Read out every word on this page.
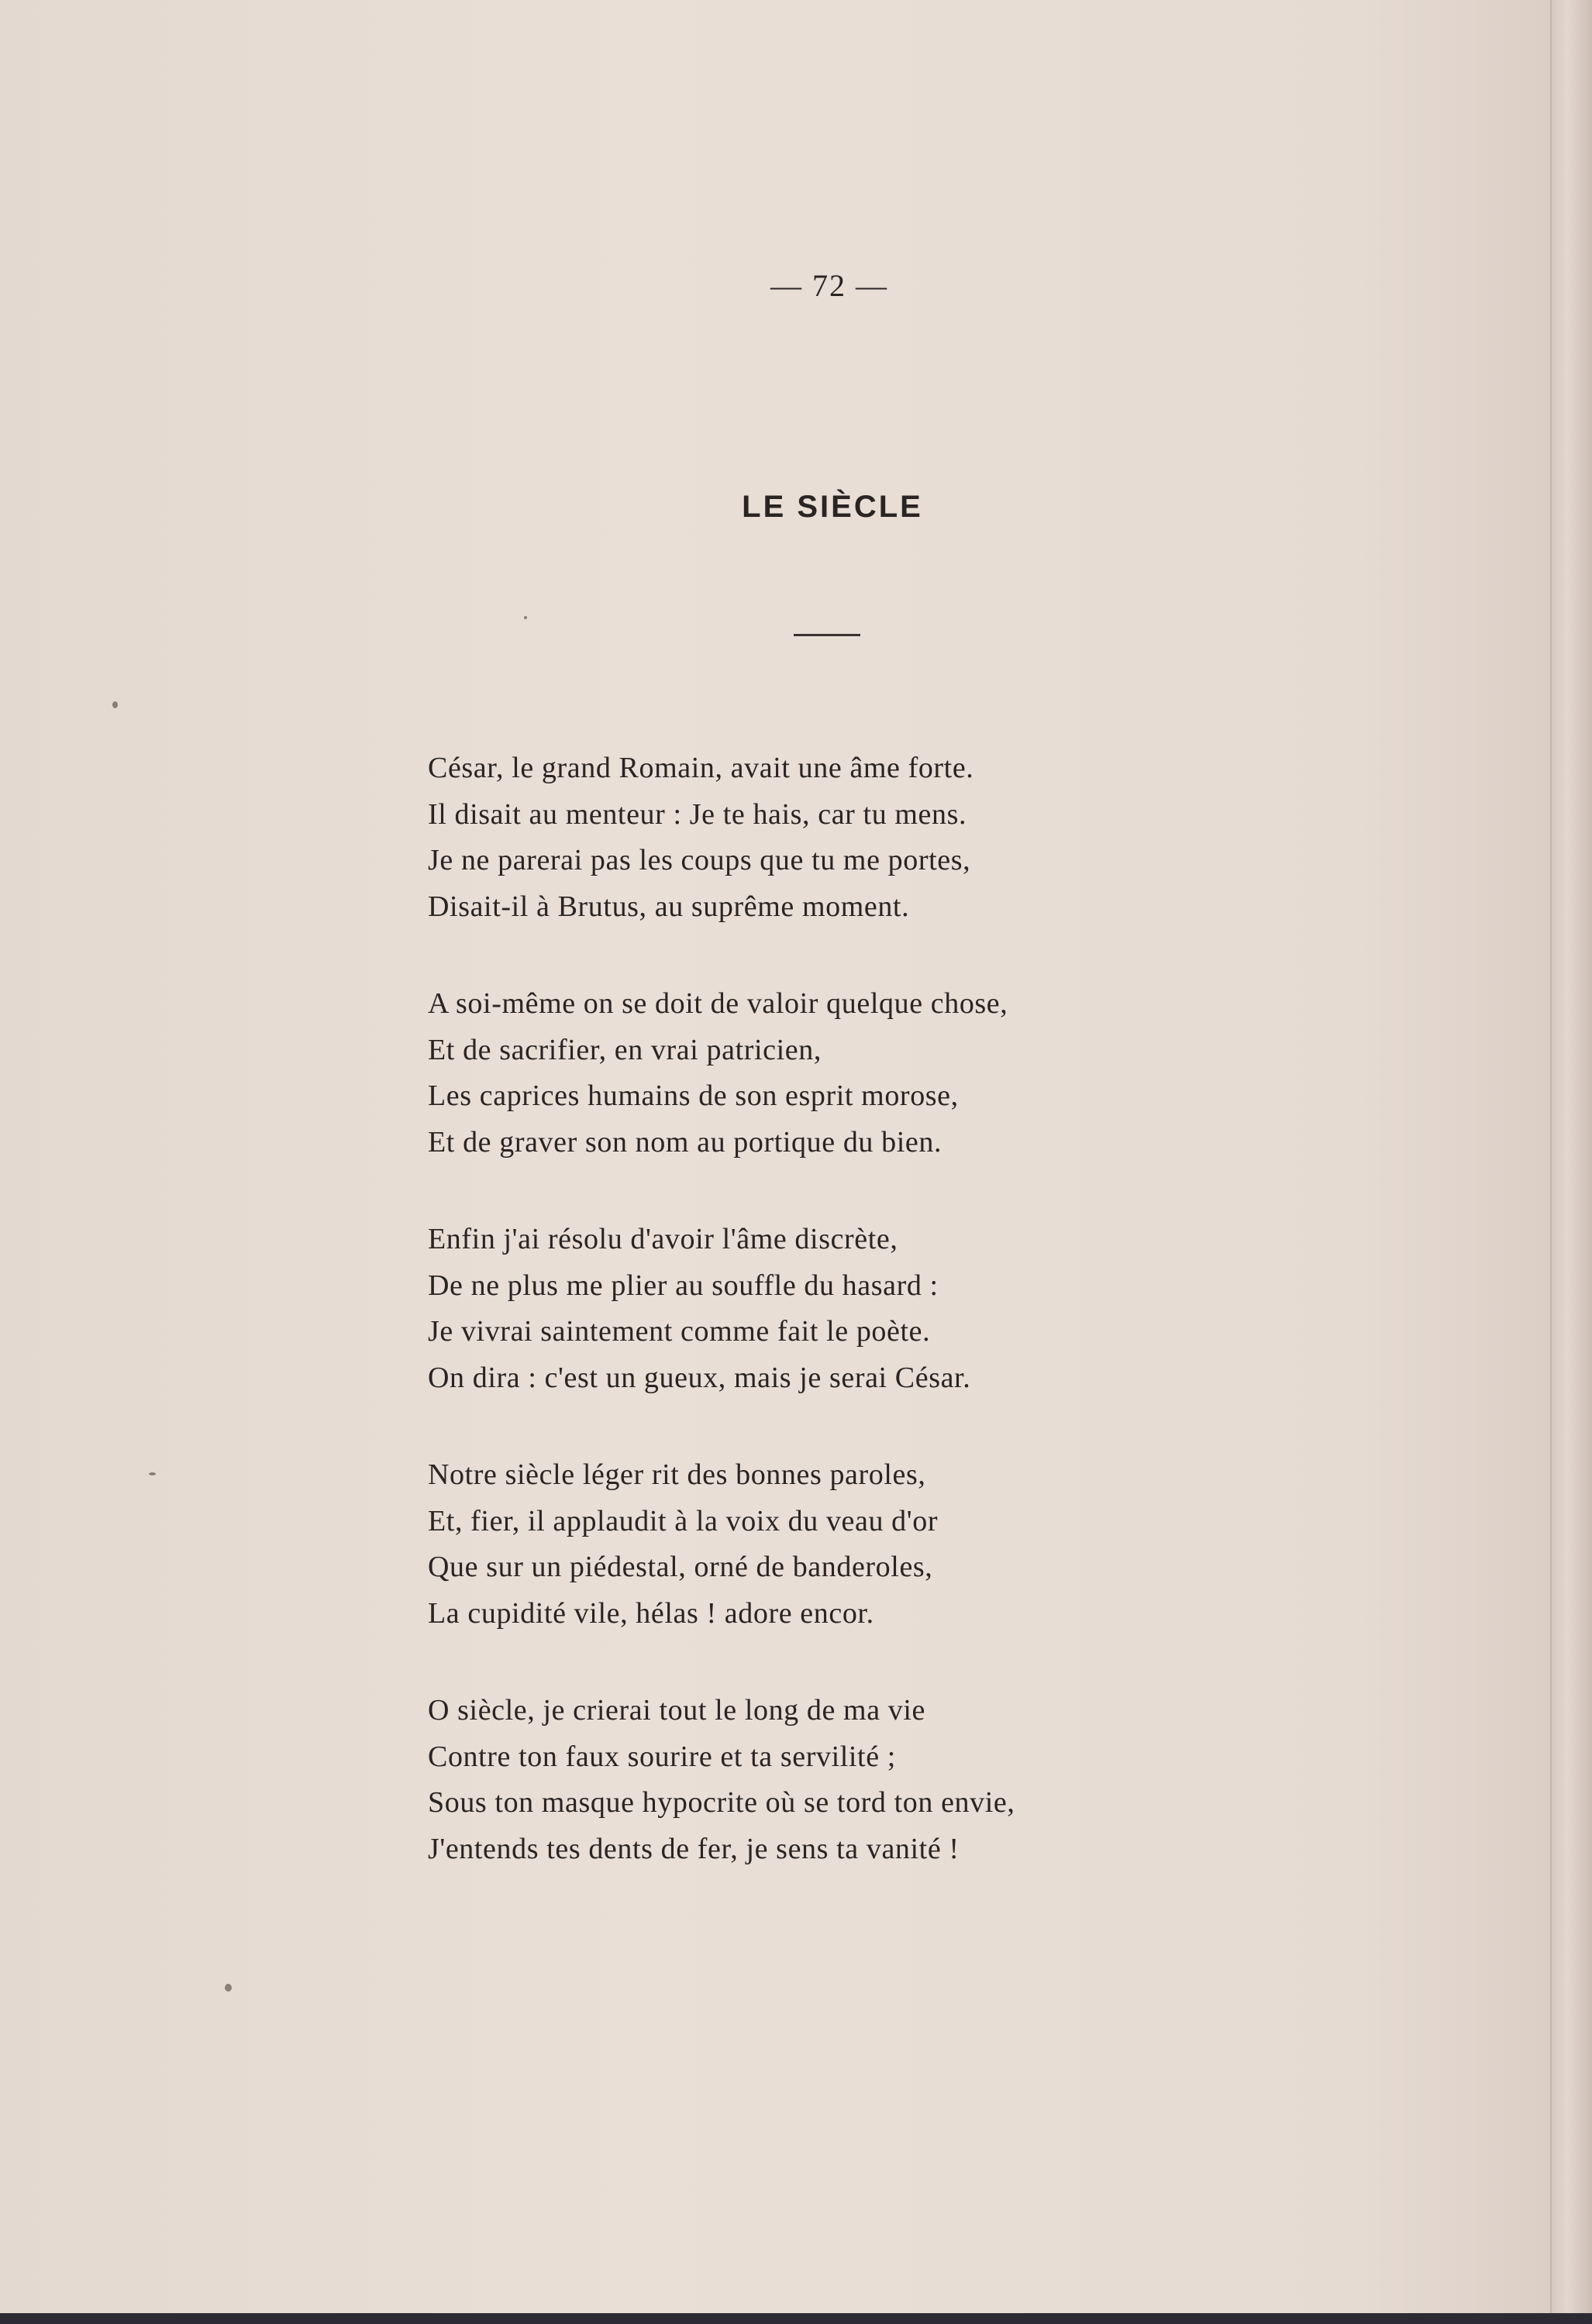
— 72 —
LE SIÈCLE
César, le grand Romain, avait une âme forte.
Il disait au menteur : Je te hais, car tu mens.
Je ne parerai pas les coups que tu me portes,
Disait-il à Brutus, au suprême moment.
A soi-même on se doit de valoir quelque chose,
Et de sacrifier, en vrai patricien,
Les caprices humains de son esprit morose,
Et de graver son nom au portique du bien.
Enfin j'ai résolu d'avoir l'âme discrète,
De ne plus me plier au souffle du hasard :
Je vivrai saintement comme fait le poète.
On dira : c'est un gueux, mais je serai César.
Notre siècle léger rit des bonnes paroles,
Et, fier, il applaudit à la voix du veau d'or
Que sur un piédestal, orné de banderoles,
La cupidité vile, hélas ! adore encor.
O siècle, je crierai tout le long de ma vie
Contre ton faux sourire et ta servilité ;
Sous ton masque hypocrite où se tord ton envie,
J'entends tes dents de fer, je sens ta vanité !
